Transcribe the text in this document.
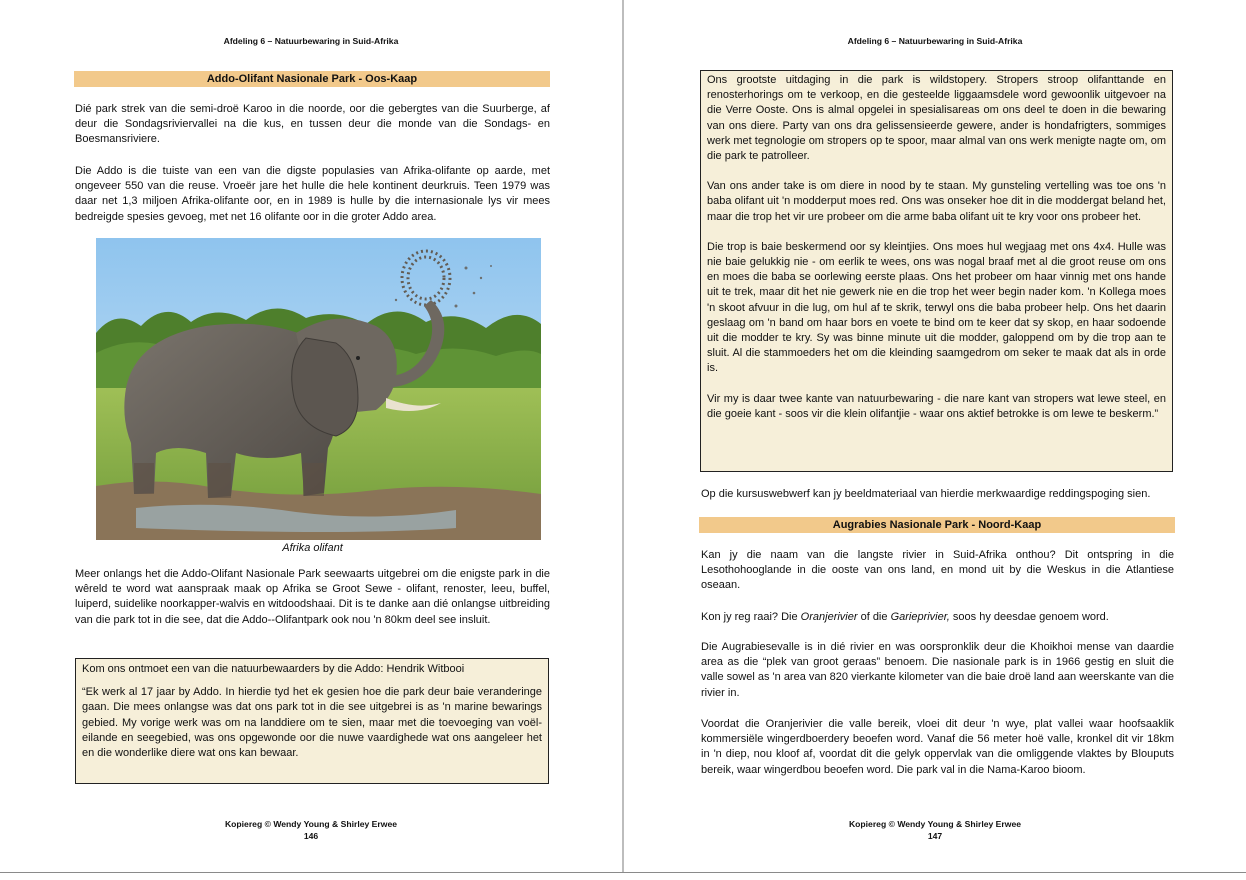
Afdeling 6 – Natuurbewaring in Suid-Afrika
Addo-Olifant Nasionale Park - Oos-Kaap

Dié park strek van die semi-droë Karoo in die noorde, oor die gebergtes van die Suurberge, af deur die Sondagsriviervallei na die kus, en tussen deur die monde van die Sondags- en Boesmansriviere.

Die Addo is die tuiste van een van die digste populasies van Afrika-olifante op aarde, met ongeveer 550 van die reuse. Vroeër jare het hulle die hele kontinent deurkruis. Teen 1979 was daar net 1,3 miljoen Afrika-olifante oor, en in 1989 is hulle by die internasionale lys vir mees bedreigde spesies gevoeg, met net 16 olifante oor in die groter Addo area.

Afrika olifant

Meer onlangs het die Addo-Olifant Nasionale Park seewaarts uitgebrei om die enigste park in die wêreld te word wat aanspraak maak op Afrika se Groot Sewe - olifant, renoster, leeu, buffel, luiperd, suidelike noorkapper-walvis en witdoodshaai. Dit is te danke aan dié onlangse uitbreiding van die park tot in die see, dat die Addo--Olifantpark ook nou 'n 80km deel see insluit.

Kom ons ontmoet een van die natuurbewaarders by die Addo: Hendrik Witbooi

“Ek werk al 17 jaar by Addo. In hierdie tyd het ek gesien hoe die park deur baie veranderinge gaan. Die mees onlangse was dat ons park tot in die see uitgebrei is as 'n marine bewarings gebied. My vorige werk was om na landdiere om te sien, maar met die toevoeging van voël-eilande en seegebied, was ons opgewonde oor die nuwe vaardighede wat ons aangeleer het en die wonderlike diere wat ons kan bewaar.

Kopiereg © Wendy Young & Shirley Erwee
146
Afdeling 6 – Natuurbewaring in Suid-Afrika

Ons grootste uitdaging in die park is wildstopery. Stropers stroop olifanttande en renosterhorings om te verkoop, en die gesteelde liggaamsdele word gewoonlik uitgevoer na die Verre Ooste. Ons is almal opgelei in spesialisareas om ons deel te doen in die bewaring van ons diere. Party van ons dra gelissensieerde gewere, ander is hondafrigters, sommiges werk met tegnologie om stropers op te spoor, maar almal van ons werk menigte nagte om, om die park te patrolleer.

Van ons ander take is om diere in nood by te staan. My gunsteling vertelling was toe ons 'n baba olifant uit 'n modderput moes red. Ons was onseker hoe dit in die moddergat beland het, maar die trop het vir ure probeer om die arme baba olifant uit te kry voor ons probeer het.

Die trop is baie beskermend oor sy kleintjies. Ons moes hul wegjaag met ons 4x4. Hulle was nie baie gelukkig nie - om eerlik te wees, ons was nogal braaf met al die groot reuse om ons en moes die baba se oorlewing eerste plaas. Ons het probeer om haar vinnig met ons hande uit te trek, maar dit het nie gewerk nie en die trop het weer begin nader kom. 'n Kollega moes 'n skoot afvuur in die lug, om hul af te skrik, terwyl ons die baba probeer help. Ons het daarin geslaag om 'n band om haar bors en voete te bind om te keer dat sy skop, en haar sodoende uit die modder te kry. Sy was binne minute uit die modder, galoppend om by die trop aan te sluit. Al die stammoeders het om die kleinding saamgedrom om seker te maak dat als in orde is.

Vir my is daar twee kante van natuurbewaring - die nare kant van stropers wat lewe steel, en die goeie kant - soos vir die klein olifantjie - waar ons aktief betrokke is om lewe te beskerm.”

Op die kursuswebwerf kan jy beeldmateriaal van hierdie merkwaardige reddingspoging sien.

Augrabies Nasionale Park - Noord-Kaap

Kan jy die naam van die langste rivier in Suid-Afrika onthou? Dit ontspring in die Lesothohooglande in die ooste van ons land, en mond uit by die Weskus in die Atlantiese oseaan.

Kon jy reg raai? Die Oranjerivier of die Garieprivier, soos hy deesdae genoem word.

Die Augrabiesevalle is in dié rivier en was oorspronklik deur die Khoikhoi mense van daardie area as die “plek van groot geraas” benoem. Die nasionale park is in 1966 gestig en sluit die valle sowel as 'n area van 820 vierkante kilometer van die baie droë land aan weerskante van die rivier in.

Voordat die Oranjerivier die valle bereik, vloei dit deur 'n wye, plat vallei waar hoofsaaklik kommersiële wingerdboerdery beoefen word. Vanaf die 56 meter hoë valle, kronkel dit vir 18km in 'n diep, nou kloof af, voordat dit die gelyk oppervlak van die omliggende vlaktes by Blouputs bereik, waar wingerdbou beoefen word. Die park val in die Nama-Karoo bioom.

Kopiereg © Wendy Young & Shirley Erwee
147
